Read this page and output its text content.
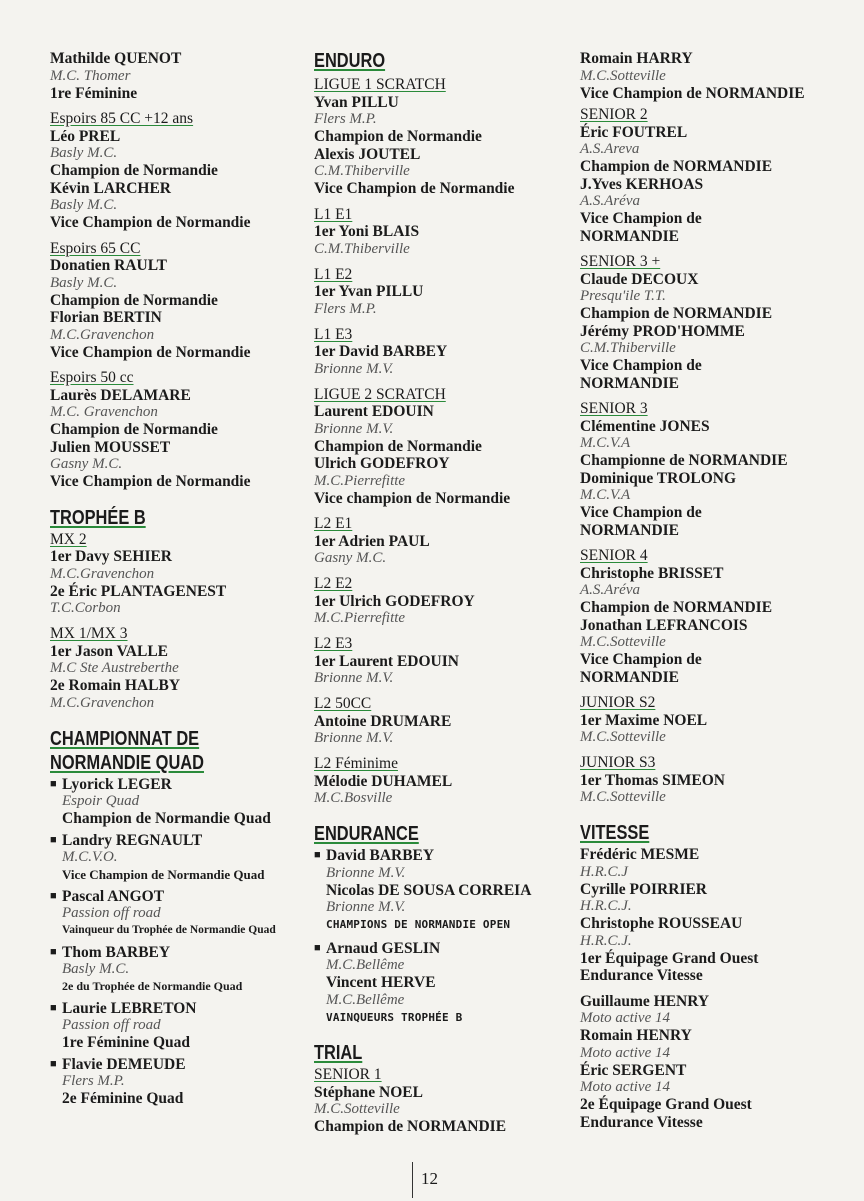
Mathilde QUENOT
M.C. Thomer
1re Féminine
Espoirs 85 CC +12 ans
Léo PREL
Basly M.C.
Champion de Normandie
Kévin LARCHER
Basly M.C.
Vice Champion de Normandie
Espoirs 65 CC
Donatien RAULT
Basly M.C.
Champion de Normandie
Florian BERTIN
M.C.Gravenchon
Vice Champion de Normandie
Espoirs 50 cc
Laurès DELAMARE
M.C. Gravenchon
Champion de Normandie
Julien MOUSSET
Gasny M.C.
Vice Champion de Normandie
TROPHÉE B
MX 2
1er Davy SEHIER
M.C.Gravenchon
2e Éric PLANTAGENEST
T.C.Corbon
MX 1/MX 3
1er Jason VALLE
M.C Ste Austreberthe
2e Romain HALBY
M.C.Gravenchon
CHAMPIONNAT DE
NORMANDIE QUAD
■ Lyorick LEGER
Espoir Quad
Champion de Normandie Quad
■ Landry REGNAULT
M.C.V.O.
Vice Champion de Normandie Quad
■ Pascal ANGOT
Passion off road
Vainqueur du Trophée de Normandie Quad
■ Thom BARBEY
Basly M.C.
2e du Trophée de Normandie Quad
■ Laurie LEBRETON
Passion off road
1re Féminine Quad
■ Flavie DEMEUDE
Flers M.P.
2e Féminine Quad
ENDURO
LIGUE 1 SCRATCH
Yvan PILLU
Flers M.P.
Champion de Normandie
Alexis JOUTEL
C.M.Thiberville
Vice Champion de Normandie
L1 E1
1er Yoni BLAIS
C.M.Thiberville
L1 E2
1er Yvan PILLU
Flers M.P.
L1 E3
1er David BARBEY
Brionne M.V.
LIGUE 2 SCRATCH
Laurent EDOUIN
Brionne M.V.
Champion de Normandie
Ulrich GODEFROY
M.C.Pierrefitte
Vice champion de Normandie
L2 E1
1er Adrien PAUL
Gasny M.C.
L2 E2
1er Ulrich GODEFROY
M.C.Pierrefitte
L2 E3
1er Laurent EDOUIN
Brionne M.V.
L2 50CC
Antoine DRUMARE
Brionne M.V.
L2 Féminime
Mélodie DUHAMEL
M.C.Bosville
ENDURANCE
■ David BARBEY
Brionne M.V.
Nicolas DE SOUSA CORREIA
Brionne M.V.
CHAMPIONS DE NORMANDIE OPEN
■ Arnaud GESLIN
M.C.Bellême
Vincent HERVE
M.C.Bellême
VAINQUEURS TROPHÉE B
TRIAL
SENIOR 1
Stéphane NOEL
M.C.Sotteville
Champion de NORMANDIE
Romain HARRY
M.C.Sotteville
Vice Champion de NORMANDIE
SENIOR 2
Éric FOUTREL
A.S.Areva
Champion de NORMANDIE
J.Yves KERHOAS
A.S.Aréva
Vice Champion de
NORMANDIE
SENIOR 3 +
Claude DECOUX
Presqu'ile T.T.
Champion de NORMANDIE
Jérémy PROD'HOMME
C.M.Thiberville
Vice Champion de
NORMANDIE
SENIOR 3
Clémentine JONES
M.C.V.A
Championne de NORMANDIE
Dominique TROLONG
M.C.V.A
Vice Champion de
NORMANDIE
SENIOR 4
Christophe BRISSET
A.S.Aréva
Champion de NORMANDIE
Jonathan LEFRANCOIS
M.C.Sotteville
Vice Champion de
NORMANDIE
JUNIOR S2
1er Maxime NOEL
M.C.Sotteville
JUNIOR S3
1er Thomas SIMEON
M.C.Sotteville
VITESSE
Frédéric MESME
H.R.C.J
Cyrille POIRRIER
H.R.C.J.
Christophe ROUSSEAU
H.R.C.J.
1er Équipage Grand Ouest
Endurance Vitesse
Guillaume HENRY
Moto active 14
Romain HENRY
Moto active 14
Éric SERGENT
Moto active 14
2e Équipage Grand Ouest
Endurance Vitesse
12
